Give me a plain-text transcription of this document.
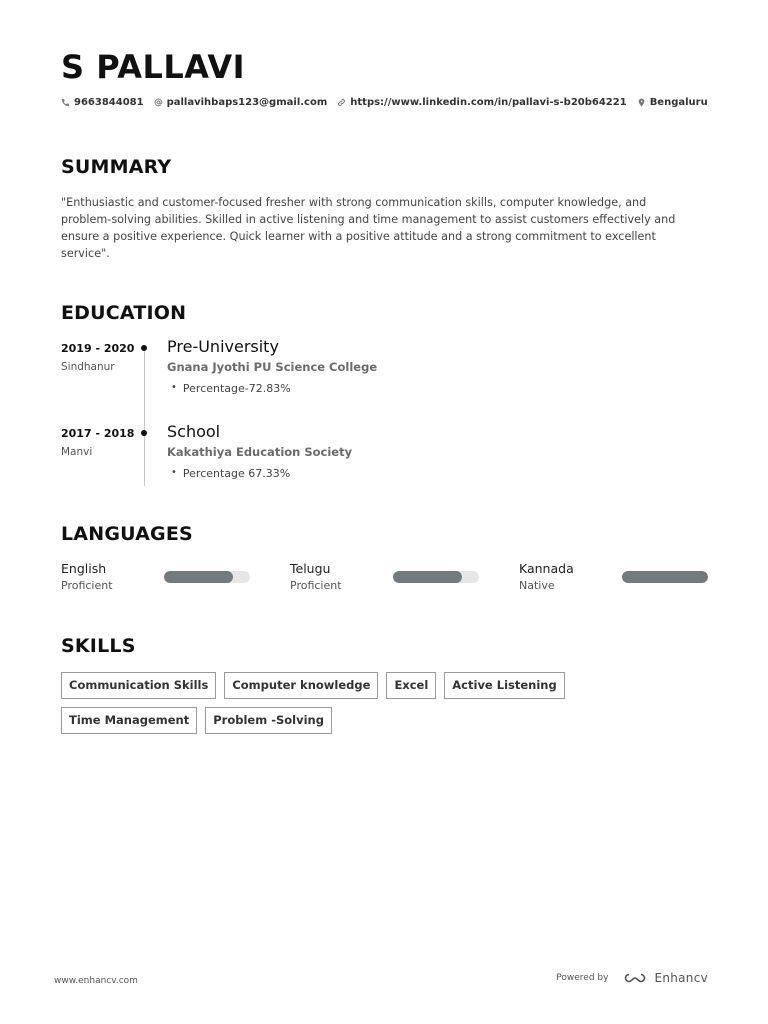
S PALLAVI
9663844081 pallavihbaps123@gmail.com https://www.linkedin.com/in/pallavi-s-b20b64221 Bengaluru
SUMMARY
"Enthusiastic and customer-focused fresher with strong communication skills, computer knowledge, and problem-solving abilities. Skilled in active listening and time management to assist customers effectively and ensure a positive experience. Quick learner with a positive attitude and a strong commitment to excellent service".
EDUCATION
2019 - 2020
Sindhanur
Pre-University
Gnana Jyothi PU Science College
• Percentage-72.83%
2017 - 2018
Manvi
School
Kakathiya Education Society
• Percentage 67.33%
LANGUAGES
English
Proficient
Telugu
Proficient
Kannada
Native
SKILLS
Communication Skills	Computer knowledge	Excel	Active Listening
Time Management	Problem -Solving
www.enhancv.com	Powered by	Enhancv
